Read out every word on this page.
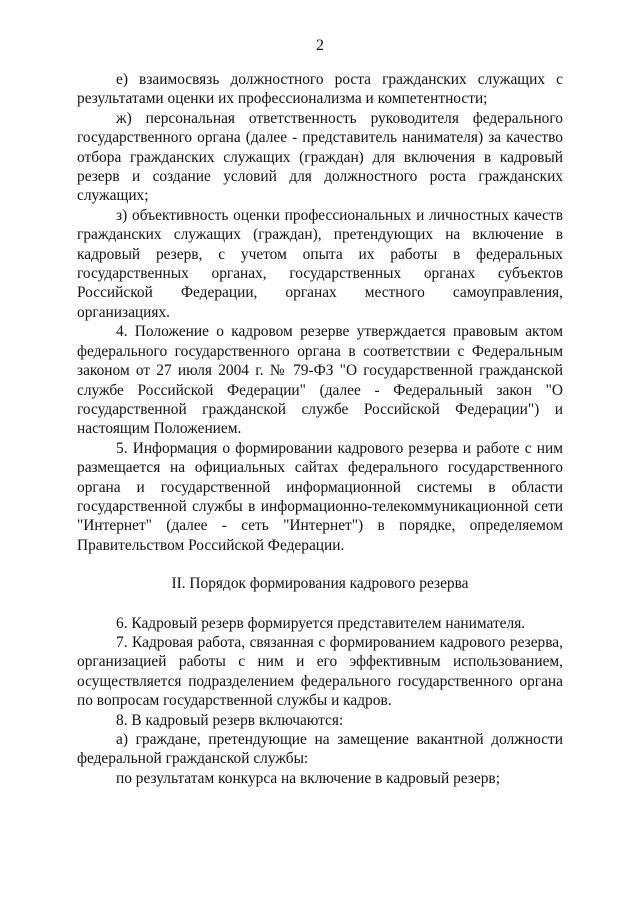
2

е) взаимосвязь должностного роста гражданских служащих с результатами оценки их профессионализма и компетентности;

ж) персональная ответственность руководителя федерального государственного органа (далее - представитель нанимателя) за качество отбора гражданских служащих (граждан) для включения в кадровый резерв и создание условий для должностного роста гражданских служащих;

з) объективность оценки профессиональных и личностных качеств гражданских служащих (граждан), претендующих на включение в кадровый резерв, с учетом опыта их работы в федеральных государственных органах, государственных органах субъектов Российской Федерации, органах местного самоуправления, организациях.

4. Положение о кадровом резерве утверждается правовым актом федерального государственного органа в соответствии с Федеральным законом от 27 июля 2004 г. № 79-ФЗ "О государственной гражданской службе Российской Федерации" (далее - Федеральный закон "О государственной гражданской службе Российской Федерации") и настоящим Положением.

5. Информация о формировании кадрового резерва и работе с ним размещается на официальных сайтах федерального государственного органа и государственной информационной системы в области государственной службы в информационно-телекоммуникационной сети "Интернет" (далее - сеть "Интернет") в порядке, определяемом Правительством Российской Федерации.

II. Порядок формирования кадрового резерва

6. Кадровый резерв формируется представителем нанимателя.

7. Кадровая работа, связанная с формированием кадрового резерва, организацией работы с ним и его эффективным использованием, осуществляется подразделением федерального государственного органа по вопросам государственной службы и кадров.

8. В кадровый резерв включаются:

а) граждане, претендующие на замещение вакантной должности федеральной гражданской службы:

по результатам конкурса на включение в кадровый резерв;
